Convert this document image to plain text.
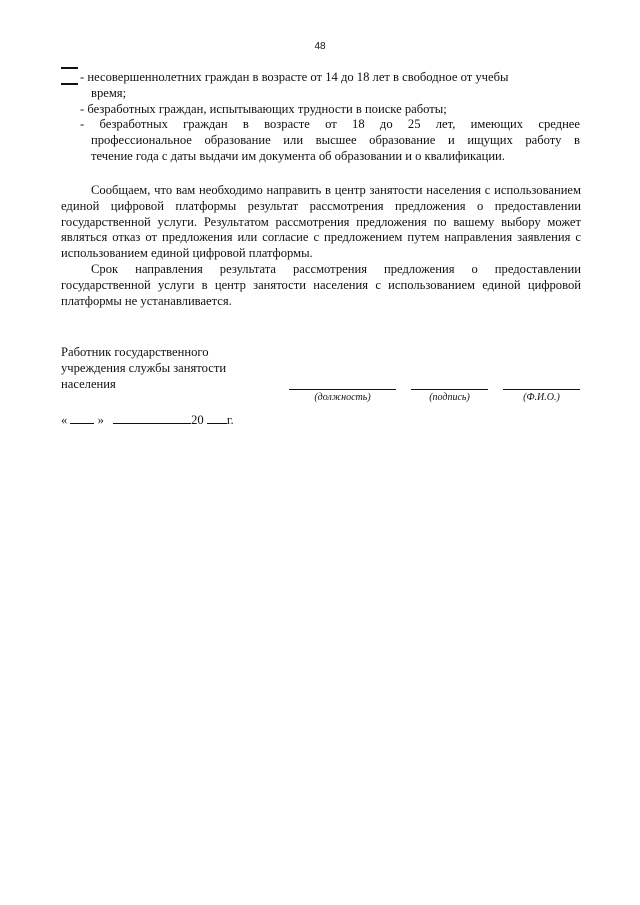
48
- несовершеннолетних граждан в возрасте от 14 до 18 лет в свободное от учебы
время;
- безработных граждан, испытывающих трудности в поиске работы;
- безработных граждан в возрасте от 18 до 25 лет, имеющих среднее
профессиональное образование или высшее образование и ищущих работу в
течение года с даты выдачи им документа об образовании и о квалификации.

Сообщаем, что вам необходимо направить в центр занятости населения с использованием единой цифровой платформы результат рассмотрения предложения о предоставлении государственной услуги. Результатом рассмотрения предложения по вашему выбору может являться отказ от предложения или согласие с предложением путем направления заявления с использованием единой цифровой платформы.

Срок направления результата рассмотрения предложения о предоставлении государственной услуги в центр занятости населения с использованием единой цифровой платформы не устанавливается.

Работник государственного
учреждения службы занятости
населения
(должность)	(подпись)	(Ф.И.О.)
« »	20 г.
